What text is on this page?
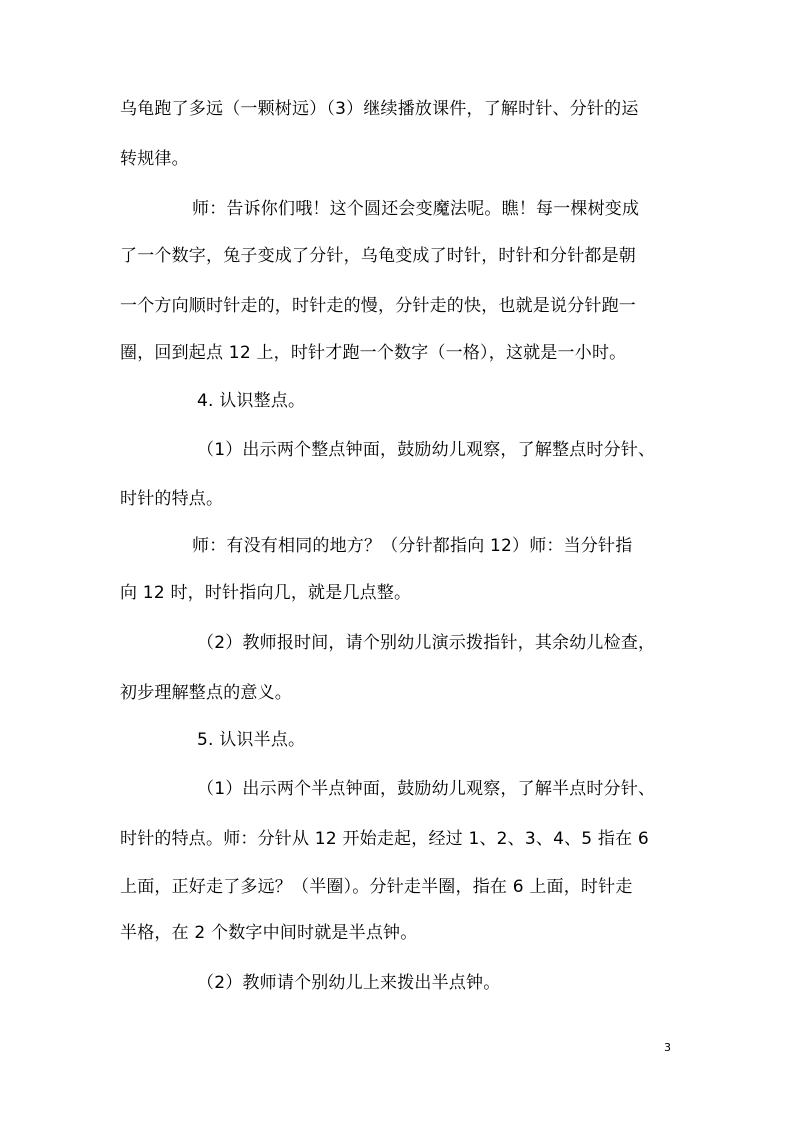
乌龟跑了多远（一颗树远）（3）继续播放课件，了解时针、分针的运
转规律。
师：告诉你们哦！这个圆还会变魔法呢。瞧！每一棵树变成
了一个数字，兔子变成了分针，乌龟变成了时针，时针和分针都是朝
一个方向顺时针走的，时针走的慢，分针走的快，也就是说分针跑一
圈，回到起点 12 上，时针才跑一个数字（一格），这就是一小时。
4. 认识整点。
（1）出示两个整点钟面，鼓励幼儿观察，了解整点时分针、
时针的特点。
师：有没有相同的地方？（分针都指向 12）师：当分针指
向 12 时，时针指向几，就是几点整。
（2）教师报时间，请个别幼儿演示拨指针，其余幼儿检查，
初步理解整点的意义。
5. 认识半点。
（1）出示两个半点钟面，鼓励幼儿观察，了解半点时分针、
时针的特点。师：分针从 12 开始走起，经过 1、2、3、4、5 指在 6
上面，正好走了多远？（半圈）。分针走半圈，指在 6 上面，时针走
半格，在 2 个数字中间时就是半点钟。
（2）教师请个别幼儿上来拨出半点钟。
3
